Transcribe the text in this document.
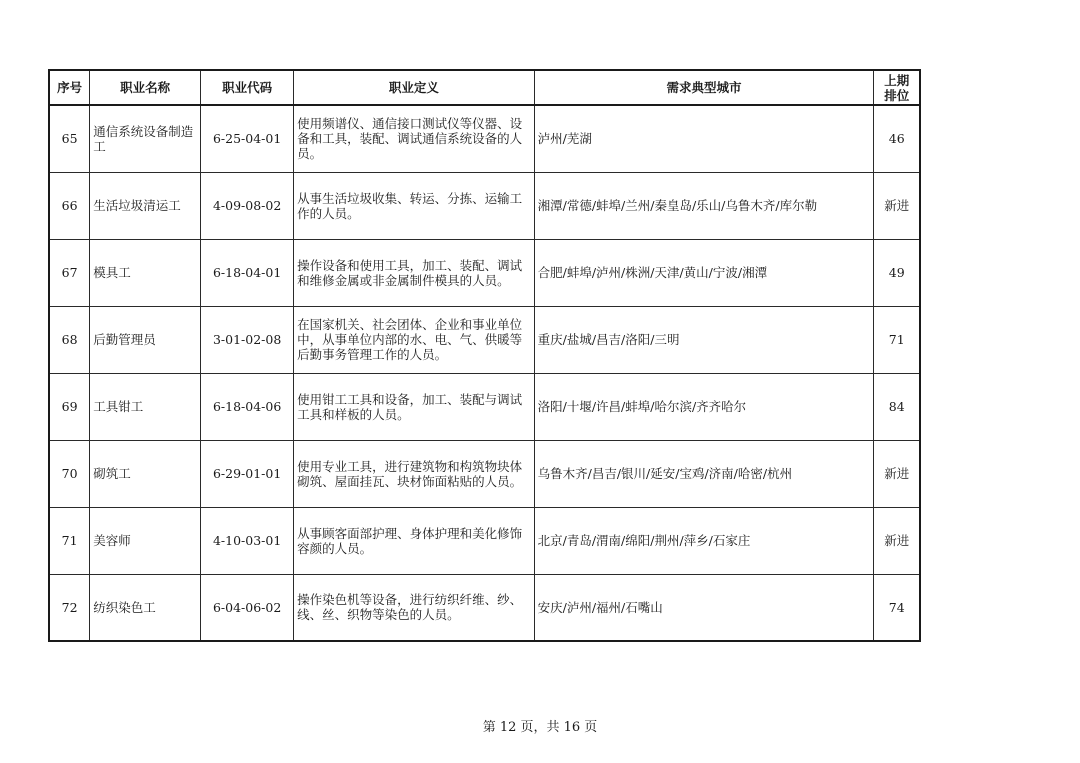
序号	职业名称	职业代码	职业定义	需求典型城市	上期
排位
65	通信系统设备制造工	6-25-04-01	使用频谱仪、通信接口测试仪等仪器、设备和工具，装配、调试通信系统设备的人员。	泸州/芜湖	46
66	生活垃圾清运工	4-09-08-02	从事生活垃圾收集、转运、分拣、运输工作的人员。	湘潭/常德/蚌埠/兰州/秦皇岛/乐山/乌鲁木齐/库尔勒	新进
67	模具工	6-18-04-01	操作设备和使用工具，加工、装配、调试和维修金属或非金属制件模具的人员。	合肥/蚌埠/泸州/株洲/天津/黄山/宁波/湘潭	49
68	后勤管理员	3-01-02-08	在国家机关、社会团体、企业和事业单位中，从事单位内部的水、电、气、供暖等后勤事务管理工作的人员。	重庆/盐城/昌吉/洛阳/三明	71
69	工具钳工	6-18-04-06	使用钳工工具和设备，加工、装配与调试工具和样板的人员。	洛阳/十堰/许昌/蚌埠/哈尔滨/齐齐哈尔	84
70	砌筑工	6-29-01-01	使用专业工具，进行建筑物和构筑物块体砌筑、屋面挂瓦、块材饰面粘贴的人员。	乌鲁木齐/昌吉/银川/延安/宝鸡/济南/哈密/杭州	新进
71	美容师	4-10-03-01	从事顾客面部护理、身体护理和美化修饰容颜的人员。	北京/青岛/渭南/绵阳/荆州/萍乡/石家庄	新进
72	纺织染色工	6-04-06-02	操作染色机等设备，进行纺织纤维、纱、线、丝、织物等染色的人员。	安庆/泸州/福州/石嘴山	74
第 12 页，共 16 页
